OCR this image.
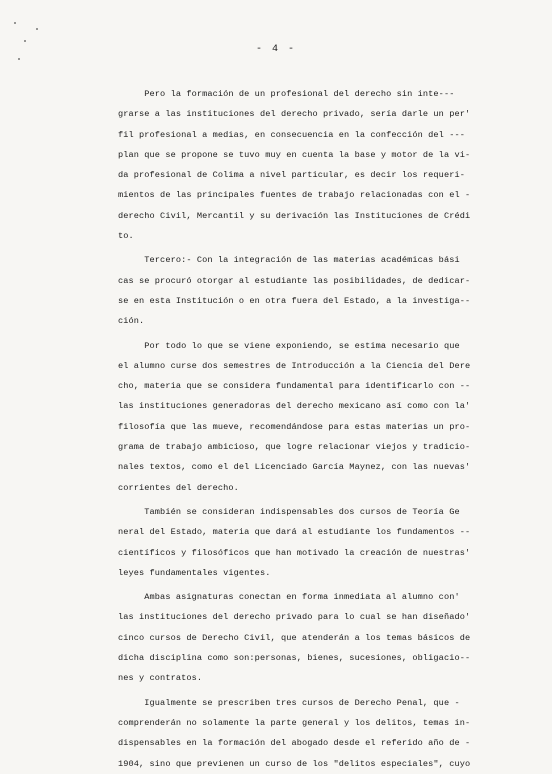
- 4 -
Pero la formación de un profesional del derecho sin inte---
grarse a las instituciones del derecho privado, sería darle un per'
fil profesional a medias, en consecuencia en la confección del ---
plan que se propone se tuvo muy en cuenta la base y motor de la vi-
da profesional de Colima a nivel particular, es decir los requeri-
mientos de las principales fuentes de trabajo relacionadas con el -
derecho Civil, Mercantil y su derivación las Instituciones de Crédi
to.
Tercero:- Con la integración de las materias académicas bási
cas se procuró otorgar al estudiante las posibilidades, de dedicar-
se en esta Institución o en otra fuera del Estado, a la investiga--
ción.
Por todo lo que se viene exponiendo, se estima necesario que
el alumno curse dos semestres de Introducción a la Ciencia del Dere
cho, materia que se considera fundamental para identificarlo con --
las instituciones generadoras del derecho mexicano así como con la'
filosofía que las mueve, recomendándose para estas materias un pro-
grama de trabajo ambicioso, que logre relacionar viejos y tradicio-
nales textos, como el del Licenciado García Maynez, con las nuevas'
corrientes del derecho.
También se consideran indispensables dos cursos de Teoría Ge
neral del Estado, materia que dará al estudiante los fundamentos --
científicos y filosóficos que han motivado la creación de nuestras'
leyes fundamentales vigentes.
Ambas asignaturas conectan en forma inmediata al alumno con'
las instituciones del derecho privado para lo cual se han diseñado'
cinco cursos de Derecho Civil, que atenderán a los temas básicos de
dicha disciplina como son:personas, bienes, sucesiones, obligacio--
nes y contratos.
Igualmente se prescriben tres cursos de Derecho Penal, que -
comprenderán no solamente la parte general y los delitos, temas in-
dispensables en la formación del abogado desde el referido año de -
1904, sino que previenen un curso de los "delitos especiales", cuyo
